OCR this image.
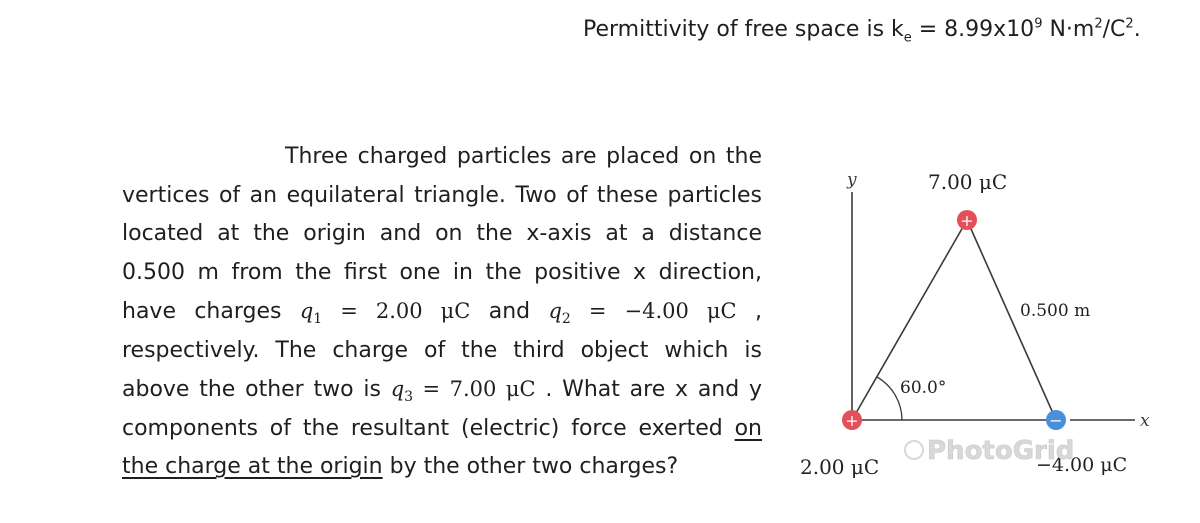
Permittivity of free space is $k_e = 8.99x10^9$ $N\cdot m^2/C^2$.
Three charged particles are placed on the vertices of an equilateral triangle. Two of these particles located at the origin and on the x-axis at a distance 0.500 m from the first one in the positive x direction, have charges $q_1 = 2.00$ μC and $q_2 = -4.00$ μC , respectively. The charge of the third object which is above the other two is $q_3 = 7.00$ μC . What are x and y components of the resultant (electric) force exerted on the charge at the origin by the other two charges?
y
x
60.0°
0.500 m
+
7.00 μC
+
2.00 μC
−
−4.00 μC
PhotoGrid
